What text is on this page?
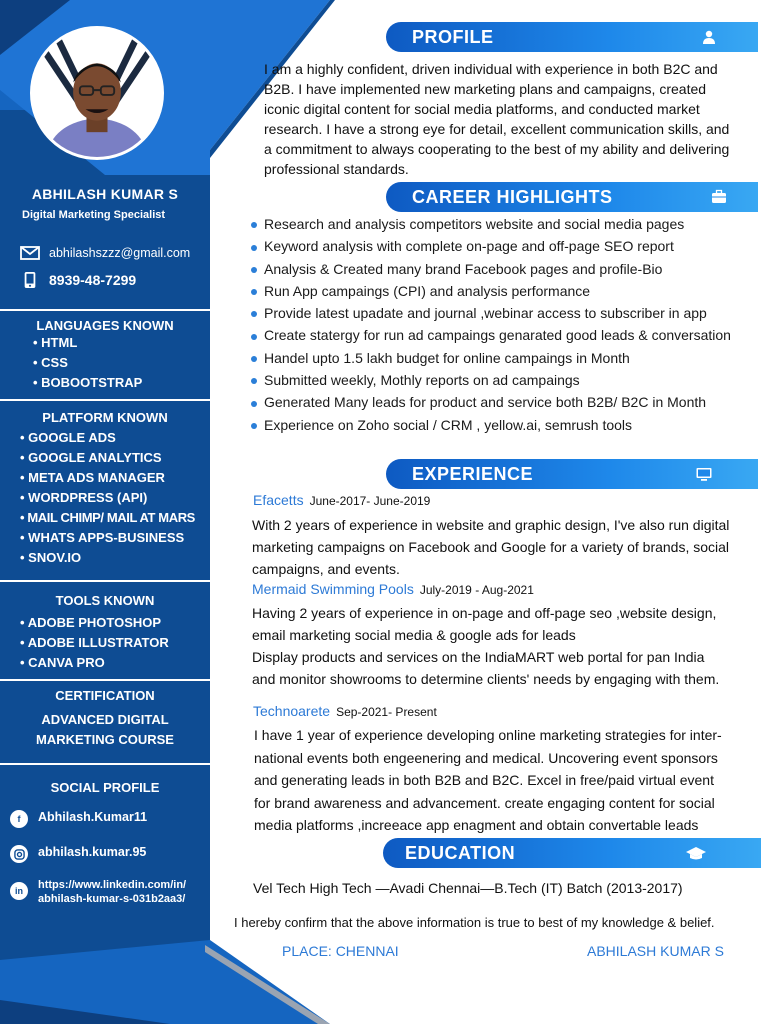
ABHILASH KUMAR S
Digital Marketing Specialist
abhilashszzz@gmail.com
8939-48-7299
LANGUAGES KNOWN
• HTML
• CSS
• BOBOOTSTRAP
PLATFORM KNOWN
• GOOGLE ADS
• GOOGLE ANALYTICS
• META ADS MANAGER
• WORDPRESS (API)
• MAIL CHIMP/ MAIL AT MARS
• WHATS APPS-BUSINESS
• SNOV.IO
TOOLS KNOWN
• ADOBE PHOTOSHOP
• ADOBE ILLUSTRATOR
• CANVA PRO
CERTIFICATION
ADVANCED DIGITAL
MARKETING COURSE
SOCIAL PROFILE
f	Abhilash.Kumar11
abhilash.kumar.95
in	https://www.linkedin.com/in/
abhilash-kumar-s-031b2aa3/
PROFILE
I am a highly confident, driven individual with experience in both B2C and
B2B. I have implemented new marketing plans and campaigns, created
iconic digital content for social media platforms, and conducted market
research. I have a strong eye for detail, excellent communication skills, and
a commitment to always cooperating to the best of my ability and delivering
professional standards.
CAREER HIGHLIGHTS
Research and analysis competitors website and social media pages
Keyword analysis with complete on-page and off-page SEO report
Analysis & Created many brand Facebook pages and profile-Bio
Run App campaings (CPI) and analysis performance
Provide latest upadate and journal ,webinar access to subscriber in app
Create statergy for run ad campaings genarated good leads & conversation
Handel upto 1.5 lakh budget for online campaings in Month
Submitted weekly, Mothly reports on ad campaings
Generated Many leads for product and service both B2B/ B2C in Month
Experience on Zoho social / CRM , yellow.ai, semrush tools
EXPERIENCE
Efacetts June-2017- June-2019
With 2 years of experience in website and graphic design, I've also run digital
marketing campaigns on Facebook and Google for a variety of brands, social
campaigns, and events.
Mermaid Swimming Pools July-2019 - Aug-2021
Having 2 years of experience in on-page and off-page seo ,website design,
email marketing social media & google ads for leads
Display products and services on the IndiaMART web portal for pan India
and monitor showrooms to determine clients' needs by engaging with them.
Technoarete Sep-2021- Present
I have 1 year of experience developing online marketing strategies for inter-
national events both engeenering and medical. Uncovering event sponsors
and generating leads in both B2B and B2C. Excel in free/paid virtual event
for brand awareness and advancement. create engaging content for social
media platforms ,increeace app enagment and obtain convertable leads
EDUCATION
Vel Tech High Tech —Avadi Chennai—B.Tech (IT) Batch (2013-2017)
I hereby confirm that the above information is true to best of my knowledge & belief.
PLACE: CHENNAI	ABHILASH KUMAR S
